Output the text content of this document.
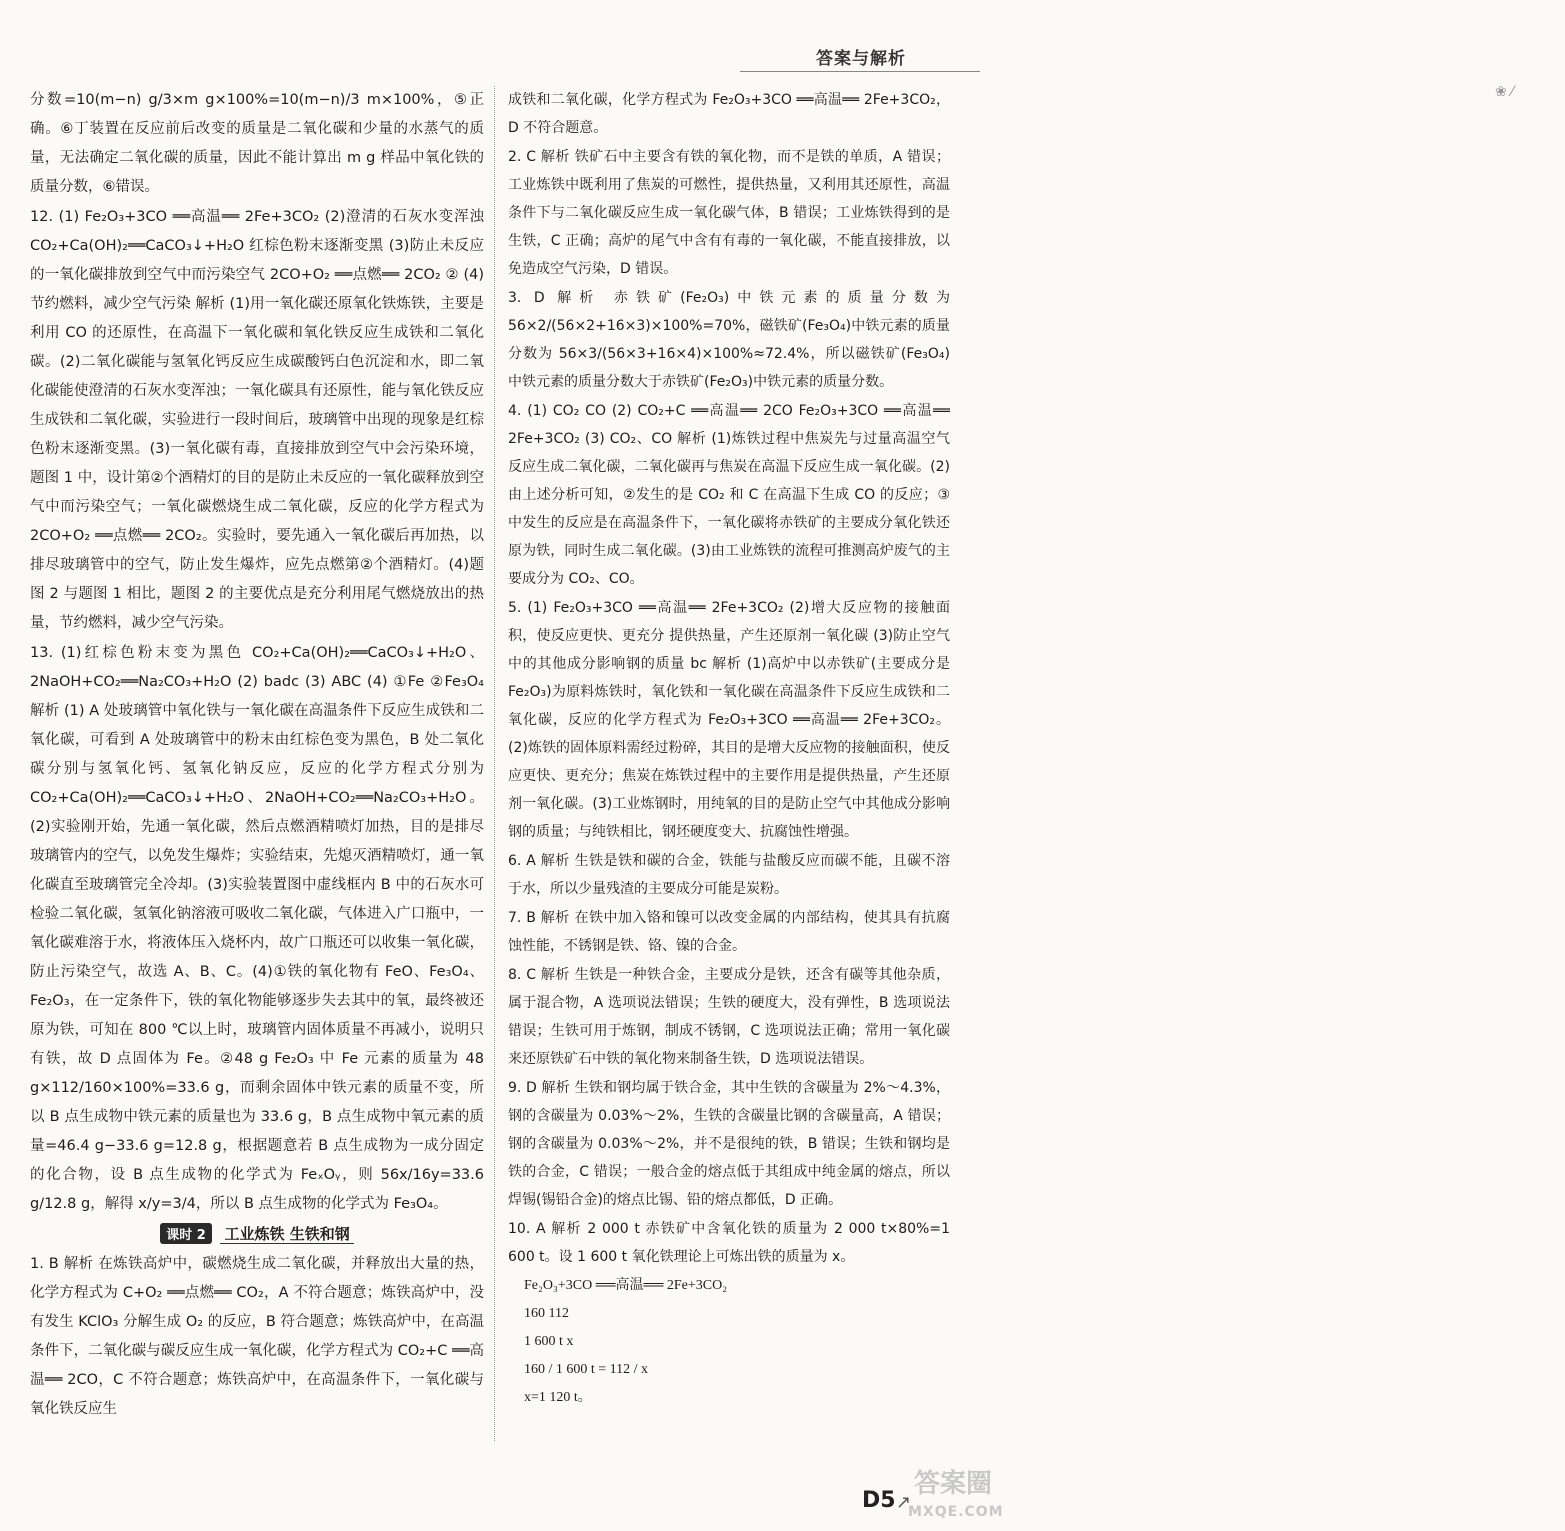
❀ ⁄
答案与解析
分数=10(m−n) g/3×m g×100%=10(m−n)/3 m×100%，⑤正确。⑥丁装置在反应前后改变的质量是二氧化碳和少量的水蒸气的质量，无法确定二氧化碳的质量，因此不能计算出 m g 样品中氧化铁的质量分数，⑥错误。
12. (1) Fe₂O₃+3CO ══高温══ 2Fe+3CO₂ (2)澄清的石灰水变浑浊 CO₂+Ca(OH)₂══CaCO₃↓+H₂O 红棕色粉末逐渐变黑 (3)防止未反应的一氧化碳排放到空气中而污染空气 2CO+O₂ ══点燃══ 2CO₂ ② (4)节约燃料，减少空气污染 解析 (1)用一氧化碳还原氧化铁炼铁，主要是利用 CO 的还原性，在高温下一氧化碳和氧化铁反应生成铁和二氧化碳。(2)二氧化碳能与氢氧化钙反应生成碳酸钙白色沉淀和水，即二氧化碳能使澄清的石灰水变浑浊；一氧化碳具有还原性，能与氧化铁反应生成铁和二氧化碳，实验进行一段时间后，玻璃管中出现的现象是红棕色粉末逐渐变黑。(3)一氧化碳有毒，直接排放到空气中会污染环境，题图 1 中，设计第②个酒精灯的目的是防止未反应的一氧化碳释放到空气中而污染空气；一氧化碳燃烧生成二氧化碳，反应的化学方程式为 2CO+O₂ ══点燃══ 2CO₂。实验时，要先通入一氧化碳后再加热，以排尽玻璃管中的空气，防止发生爆炸，应先点燃第②个酒精灯。(4)题图 2 与题图 1 相比，题图 2 的主要优点是充分利用尾气燃烧放出的热量，节约燃料，减少空气污染。
13. (1)红棕色粉末变为黑色 CO₂+Ca(OH)₂══CaCO₃↓+H₂O、2NaOH+CO₂══Na₂CO₃+H₂O (2) badc (3) ABC (4) ①Fe ②Fe₃O₄ 解析 (1) A 处玻璃管中氧化铁与一氧化碳在高温条件下反应生成铁和二氧化碳，可看到 A 处玻璃管中的粉末由红棕色变为黑色，B 处二氧化碳分别与氢氧化钙、氢氧化钠反应，反应的化学方程式分别为 CO₂+Ca(OH)₂══CaCO₃↓+H₂O、2NaOH+CO₂══Na₂CO₃+H₂O。(2)实验刚开始，先通一氧化碳，然后点燃酒精喷灯加热，目的是排尽玻璃管内的空气，以免发生爆炸；实验结束，先熄灭酒精喷灯，通一氧化碳直至玻璃管完全冷却。(3)实验装置图中虚线框内 B 中的石灰水可检验二氧化碳，氢氧化钠溶液可吸收二氧化碳，气体进入广口瓶中，一氧化碳难溶于水，将液体压入烧杯内，故广口瓶还可以收集一氧化碳，防止污染空气，故选 A、B、C。(4)①铁的氧化物有 FeO、Fe₃O₄、Fe₂O₃，在一定条件下，铁的氧化物能够逐步失去其中的氧，最终被还原为铁，可知在 800 ℃以上时，玻璃管内固体质量不再减小，说明只有铁，故 D 点固体为 Fe。②48 g Fe₂O₃ 中 Fe 元素的质量为 48 g×112/160×100%=33.6 g，而剩余固体中铁元素的质量不变，所以 B 点生成物中铁元素的质量也为 33.6 g，B 点生成物中氧元素的质量=46.4 g−33.6 g=12.8 g，根据题意若 B 点生成物为一成分固定的化合物，设 B 点生成物的化学式为 FeₓOᵧ，则 56x/16y=33.6 g/12.8 g，解得 x/y=3/4，所以 B 点生成物的化学式为 Fe₃O₄。
课时 2 工业炼铁 生铁和钢
1. B 解析 在炼铁高炉中，碳燃烧生成二氧化碳，并释放出大量的热，化学方程式为 C+O₂ ══点燃══ CO₂，A 不符合题意；炼铁高炉中，没有发生 KClO₃ 分解生成 O₂ 的反应，B 符合题意；炼铁高炉中，在高温条件下，二氧化碳与碳反应生成一氧化碳，化学方程式为 CO₂+C ══高温══ 2CO，C 不符合题意；炼铁高炉中，在高温条件下，一氧化碳与氧化铁反应生
成铁和二氧化碳，化学方程式为 Fe₂O₃+3CO ══高温══ 2Fe+3CO₂，D 不符合题意。
2. C 解析 铁矿石中主要含有铁的氧化物，而不是铁的单质，A 错误；工业炼铁中既利用了焦炭的可燃性，提供热量，又利用其还原性，高温条件下与二氧化碳反应生成一氧化碳气体，B 错误；工业炼铁得到的是生铁，C 正确；高炉的尾气中含有有毒的一氧化碳，不能直接排放，以免造成空气污染，D 错误。
3. D 解析 赤铁矿(Fe₂O₃)中铁元素的质量分数为 56×2/(56×2+16×3)×100%=70%，磁铁矿(Fe₃O₄)中铁元素的质量分数为 56×3/(56×3+16×4)×100%≈72.4%，所以磁铁矿(Fe₃O₄)中铁元素的质量分数大于赤铁矿(Fe₂O₃)中铁元素的质量分数。
4. (1) CO₂ CO (2) CO₂+C ══高温══ 2CO Fe₂O₃+3CO ══高温══ 2Fe+3CO₂ (3) CO₂、CO 解析 (1)炼铁过程中焦炭先与过量高温空气反应生成二氧化碳，二氧化碳再与焦炭在高温下反应生成一氧化碳。(2)由上述分析可知，②发生的是 CO₂ 和 C 在高温下生成 CO 的反应；③中发生的反应是在高温条件下，一氧化碳将赤铁矿的主要成分氧化铁还原为铁，同时生成二氧化碳。(3)由工业炼铁的流程可推测高炉废气的主要成分为 CO₂、CO。
5. (1) Fe₂O₃+3CO ══高温══ 2Fe+3CO₂ (2)增大反应物的接触面积，使反应更快、更充分 提供热量，产生还原剂一氧化碳 (3)防止空气中的其他成分影响钢的质量 bc 解析 (1)高炉中以赤铁矿(主要成分是 Fe₂O₃)为原料炼铁时，氧化铁和一氧化碳在高温条件下反应生成铁和二氧化碳，反应的化学方程式为 Fe₂O₃+3CO ══高温══ 2Fe+3CO₂。(2)炼铁的固体原料需经过粉碎，其目的是增大反应物的接触面积，使反应更快、更充分；焦炭在炼铁过程中的主要作用是提供热量，产生还原剂一氧化碳。(3)工业炼钢时，用纯氧的目的是防止空气中其他成分影响钢的质量；与纯铁相比，钢坯硬度变大、抗腐蚀性增强。
6. A 解析 生铁是铁和碳的合金，铁能与盐酸反应而碳不能，且碳不溶于水，所以少量残渣的主要成分可能是炭粉。
7. B 解析 在铁中加入铬和镍可以改变金属的内部结构，使其具有抗腐蚀性能，不锈钢是铁、铬、镍的合金。
8. C 解析 生铁是一种铁合金，主要成分是铁，还含有碳等其他杂质，属于混合物，A 选项说法错误；生铁的硬度大，没有弹性，B 选项说法错误；生铁可用于炼钢，制成不锈钢，C 选项说法正确；常用一氧化碳来还原铁矿石中铁的氧化物来制备生铁，D 选项说法错误。
9. D 解析 生铁和钢均属于铁合金，其中生铁的含碳量为 2%～4.3%，钢的含碳量为 0.03%～2%，生铁的含碳量比钢的含碳量高，A 错误；钢的含碳量为 0.03%～2%，并不是很纯的铁，B 错误；生铁和钢均是铁的合金，C 错误；一般合金的熔点低于其组成中纯金属的熔点，所以焊锡(锡铅合金)的熔点比锡、铅的熔点都低，D 正确。
10. A 解析 2 000 t 赤铁矿中含氧化铁的质量为 2 000 t×80%=1 600 t。设 1 600 t 氧化铁理论上可炼出铁的质量为 x。
Fe₂O₃+3CO ══高温══ 2Fe+3CO₂
160 112
1 600 t x
160 / 1 600 t = 112 / x
x=1 120 t。
D5 ↗
答案圈
MXQE.COM
